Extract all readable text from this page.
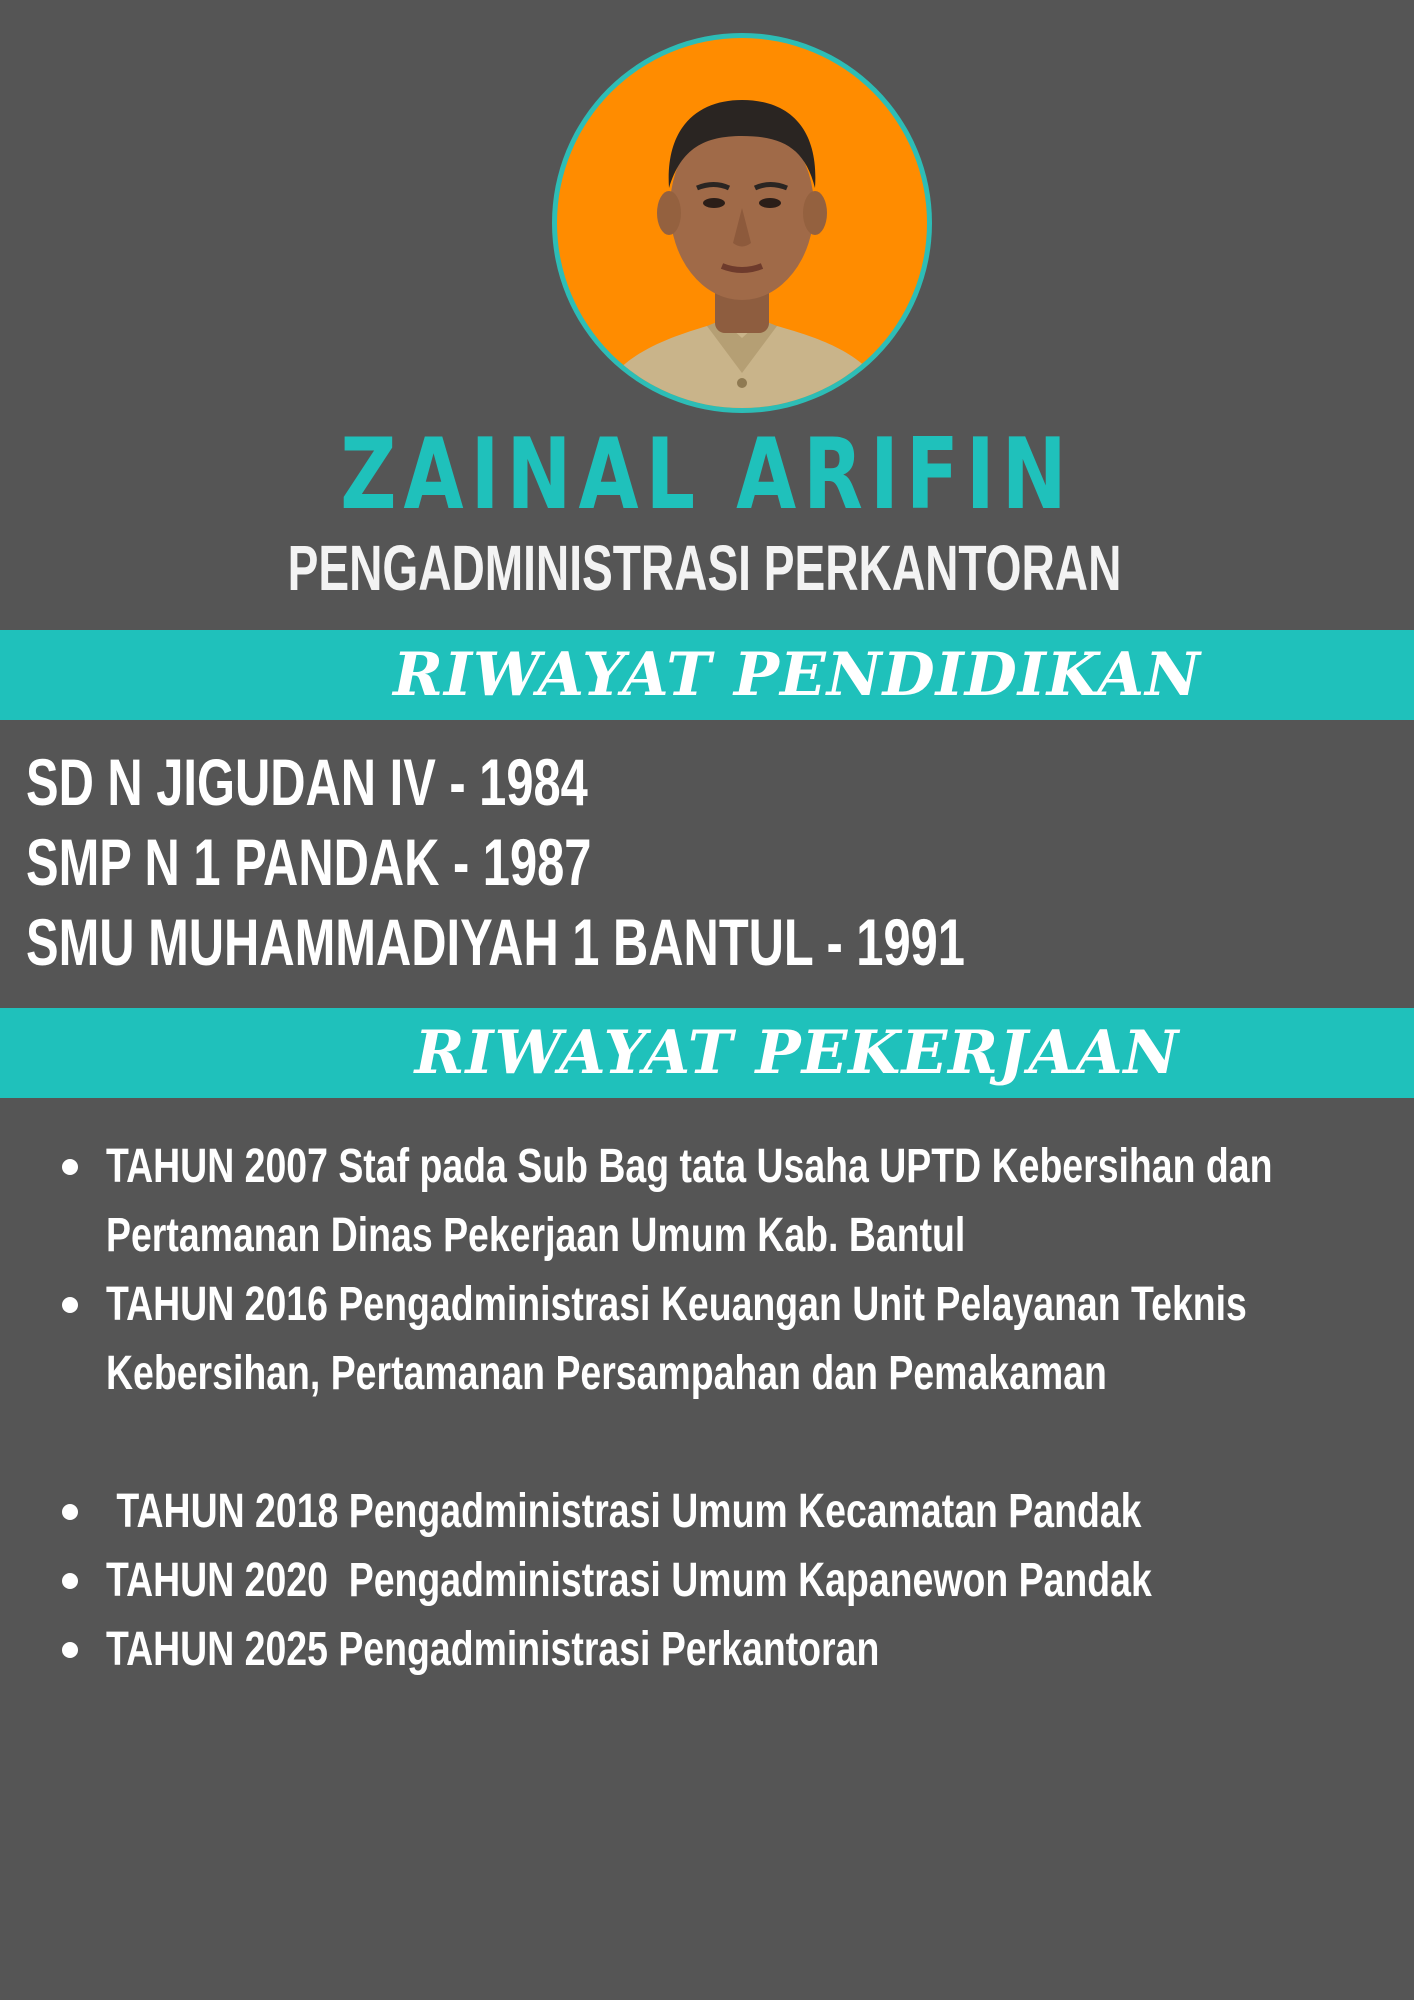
ZAINAL ARIFIN
PENGADMINISTRASI PERKANTORAN
RIWAYAT PENDIDIKAN
SD N JIGUDAN IV - 1984
SMP N 1 PANDAK - 1987
SMU MUHAMMADIYAH 1 BANTUL - 1991
RIWAYAT PEKERJAAN
TAHUN 2007 Staf pada Sub Bag tata Usaha UPTD Kebersihan dan Pertamanan Dinas Pekerjaan Umum Kab. Bantul
TAHUN 2016 Pengadministrasi Keuangan Unit Pelayanan Teknis Kebersihan, Pertamanan Persampahan dan Pemakaman
TAHUN 2018 Pengadministrasi Umum Kecamatan Pandak
TAHUN 2020  Pengadministrasi Umum Kapanewon Pandak
TAHUN 2025 Pengadministrasi Perkantoran
